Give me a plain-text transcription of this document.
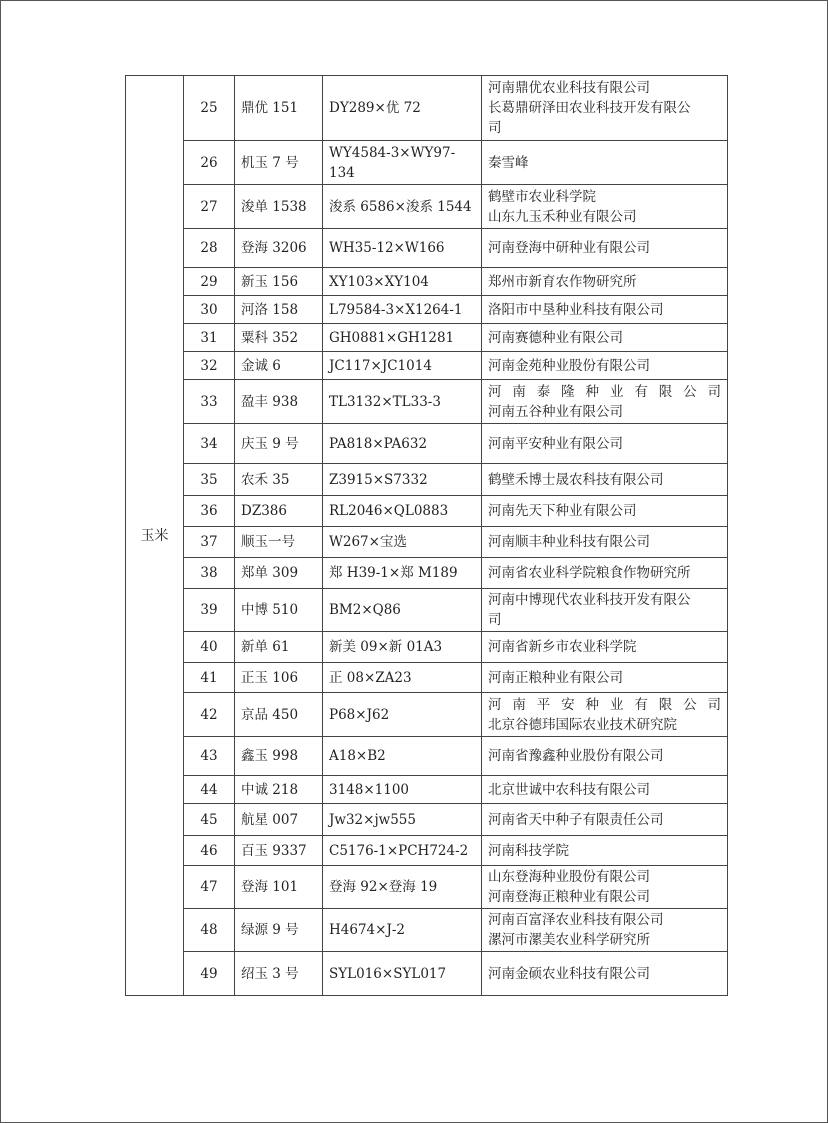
玉米	25	鼎优 151	DY289×优 72	河南鼎优农业科技有限公司
长葛鼎研泽田农业科技开发有限公
司

	26	机玉 7 号	WY4584-3×WY97-134	秦雪峰

	27	浚单 1538	浚系 6586×浚系 1544	鹤壁市农业科学院
山东九玉禾种业有限公司

	28	登海 3206	WH35-12×W166	河南登海中研种业有限公司

	29	新玉 156	XY103×XY104	郑州市新育农作物研究所

	30	河洛 158	L79584-3×X1264-1	洛阳市中垦种业科技有限公司

	31	粟科 352	GH0881×GH1281	河南赛德种业有限公司

	32	金诚 6	JC117×JC1014	河南金苑种业股份有限公司

	33	盈丰 938	TL3132×TL33-3	河 南 泰 隆 种 业 有 限 公 司
河南五谷种业有限公司

	34	庆玉 9 号	PA818×PA632	河南平安种业有限公司

	35	农禾 35	Z3915×S7332	鹤壁禾博士晟农科技有限公司

	36	DZ386	RL2046×QL0883	河南先天下种业有限公司

	37	顺玉一号	W267×宝选	河南顺丰种业科技有限公司

	38	郑单 309	郑 H39-1×郑 M189	河南省农业科学院粮食作物研究所

	39	中博 510	BM2×Q86	河南中博现代农业科技开发有限公
司

	40	新单 61	新美 09×新 01A3	河南省新乡市农业科学院

	41	正玉 106	正 08×ZA23	河南正粮种业有限公司

	42	京品 450	P68×J62	河 南 平 安 种 业 有 限 公 司
北京谷德玮国际农业技术研究院

	43	鑫玉 998	A18×B2	河南省豫鑫种业股份有限公司

	44	中诚 218	3148×1100	北京世诚中农科技有限公司

	45	航星 007	Jw32×jw555	河南省天中种子有限责任公司

	46	百玉 9337	C5176-1×PCH724-2	河南科技学院

	47	登海 101	登海 92×登海 19	山东登海种业股份有限公司
河南登海正粮种业有限公司

	48	绿源 9 号	H4674×J-2	河南百富泽农业科技有限公司
漯河市漯美农业科学研究所

	49	绍玉 3 号	SYL016×SYL017	河南金硕农业科技有限公司
